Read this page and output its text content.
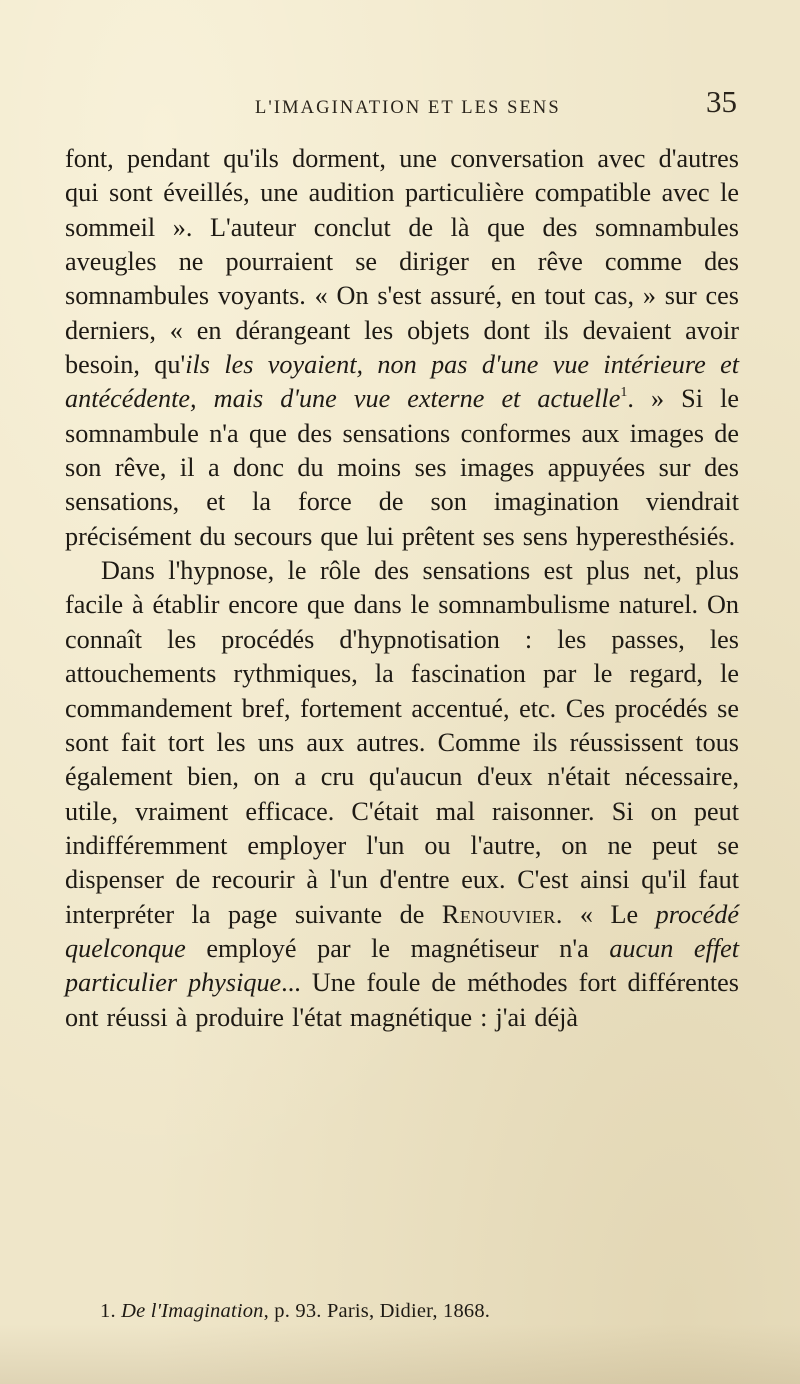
L'IMAGINATION ET LES SENS	35

font, pendant qu'ils dorment, une conversation avec d'autres qui sont éveillés, une audition particulière compatible avec le sommeil ». L'auteur conclut de là que des somnambules aveugles ne pourraient se diriger en rêve comme des somnambules voyants. « On s'est assuré, en tout cas, » sur ces derniers, « en dérangeant les objets dont ils devaient avoir besoin, qu'ils les voyaient, non pas d'une vue intérieure et antécédente, mais d'une vue externe et actuelle$^1$. » Si le somnambule n'a que des sensations conformes aux images de son rêve, il a donc du moins ses images appuyées sur des sensations, et la force de son imagination viendrait précisément du secours que lui prêtent ses sens hyperesthésiés.

Dans l'hypnose, le rôle des sensations est plus net, plus facile à établir encore que dans le somnambulisme naturel. On connaît les procédés d'hypnotisation : les passes, les attouchements rythmiques, la fascination par le regard, le commandement bref, fortement accentué, etc. Ces procédés se sont fait tort les uns aux autres. Comme ils réussissent tous également bien, on a cru qu'aucun d'eux n'était nécessaire, utile, vraiment efficace. C'était mal raisonner. Si on peut indifféremment employer l'un ou l'autre, on ne peut se dispenser de recourir à l'un d'entre eux. C'est ainsi qu'il faut interpréter la page suivante de Renouvier. « Le procédé quelconque employé par le magnétiseur n'a aucun effet particulier physique... Une foule de méthodes fort différentes ont réussi à produire l'état magnétique : j'ai déjà

1. De l'Imagination, p. 93. Paris, Didier, 1868.
